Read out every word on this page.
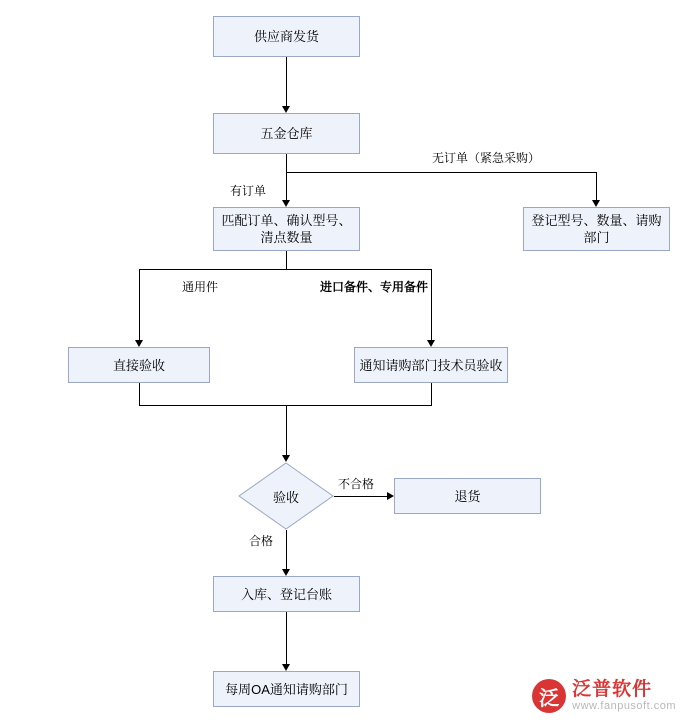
供应商发货
五金仓库
匹配订单、确认型号、清点数量
登记型号、数量、请购部门
直接验收	通知请购部门技术员验收
验收	退货
入库、登记台账
每周OA通知请购部门
无订单（紧急采购）
有订单
通用件	进口备件、专用备件
不合格
合格
泛 泛普软件
www.fanpusoft.com
